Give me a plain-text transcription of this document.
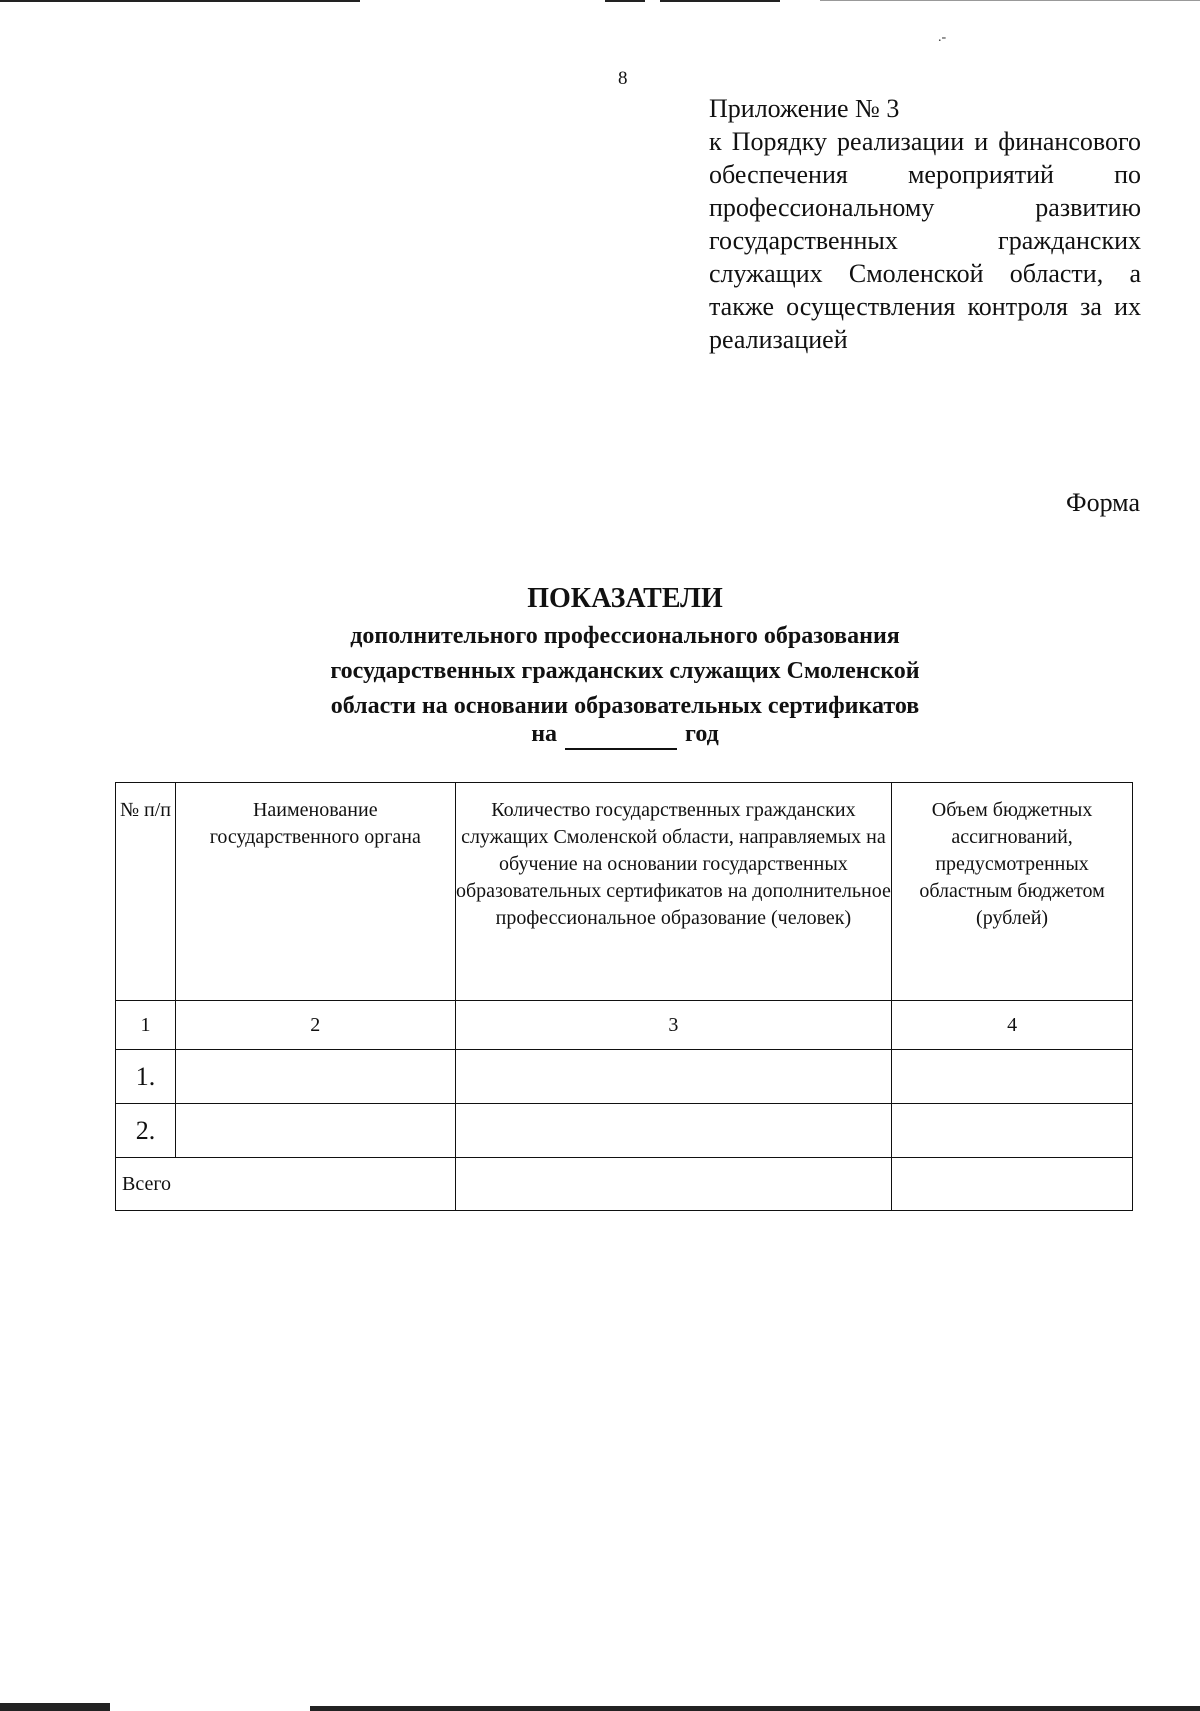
.-
8
Приложение № 3
к Порядку реализации и финансового обеспечения мероприятий по профессиональному развитию государственных гражданских служащих Смоленской области, а также осуществления контроля за их реализацией
Форма
ПОКАЗАТЕЛИ
дополнительного профессионального образования
государственных гражданских служащих Смоленской
области на основании образовательных сертификатов
на	год
№ п/п	Наименование государственного органа	Количество государственных гражданских служащих Смоленской области, направляемых на обучение на основании государственных образовательных сертификатов на дополнительное профессиональное образование (человек)	Объем бюджетных ассигнований, предусмотренных областным бюджетом (рублей)
1	2	3	4
1.			
2.			
Всего			
